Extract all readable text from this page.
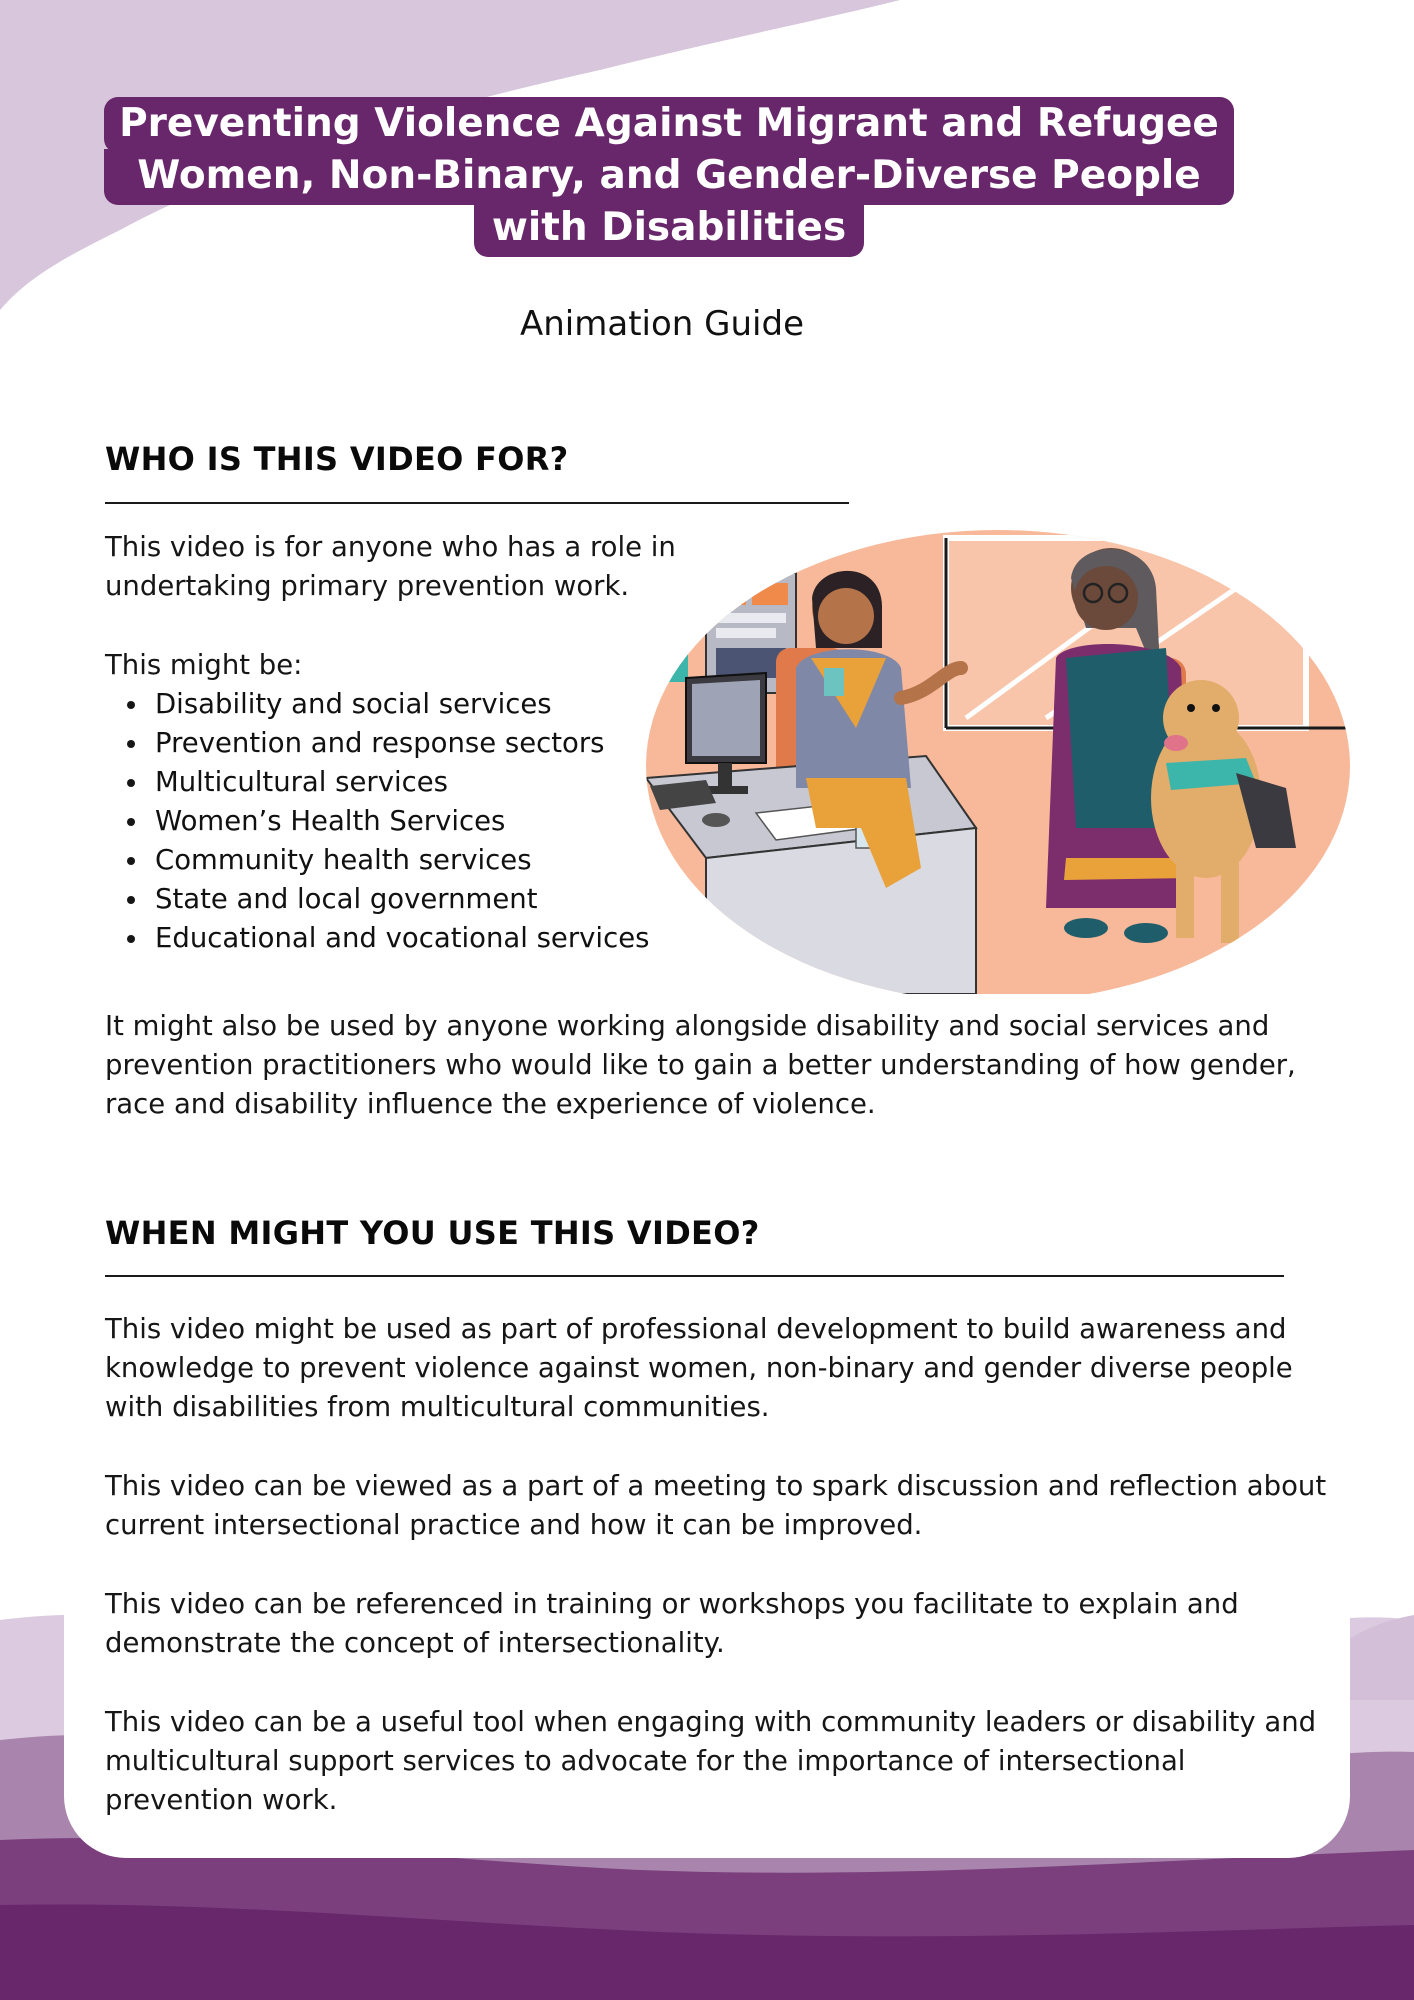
Preventing Violence Against Migrant and Refugee
Women, Non-Binary, and Gender-Diverse People
with Disabilities
Animation Guide
WHO IS THIS VIDEO FOR?

This video is for anyone who has a role in undertaking primary prevention work.

This might be:

Disability and social services
Prevention and response sectors
Multicultural services
Women’s Health Services
Community health services
State and local government
Educational and vocational services

It might also be used by anyone working alongside disability and social services and prevention practitioners who would like to gain a better understanding of how gender, race and disability influence the experience of violence.

WHEN MIGHT YOU USE THIS VIDEO?

This video might be used as part of professional development to build awareness and knowledge to prevent violence against women, non-binary and gender diverse people with disabilities from multicultural communities.

This video can be viewed as a part of a meeting to spark discussion and reflection about current intersectional practice and how it can be improved.

This video can be referenced in training or workshops you facilitate to explain and demonstrate the concept of intersectionality.

This video can be a useful tool when engaging with community leaders or disability and multicultural support services to advocate for the importance of intersectional prevention work.
